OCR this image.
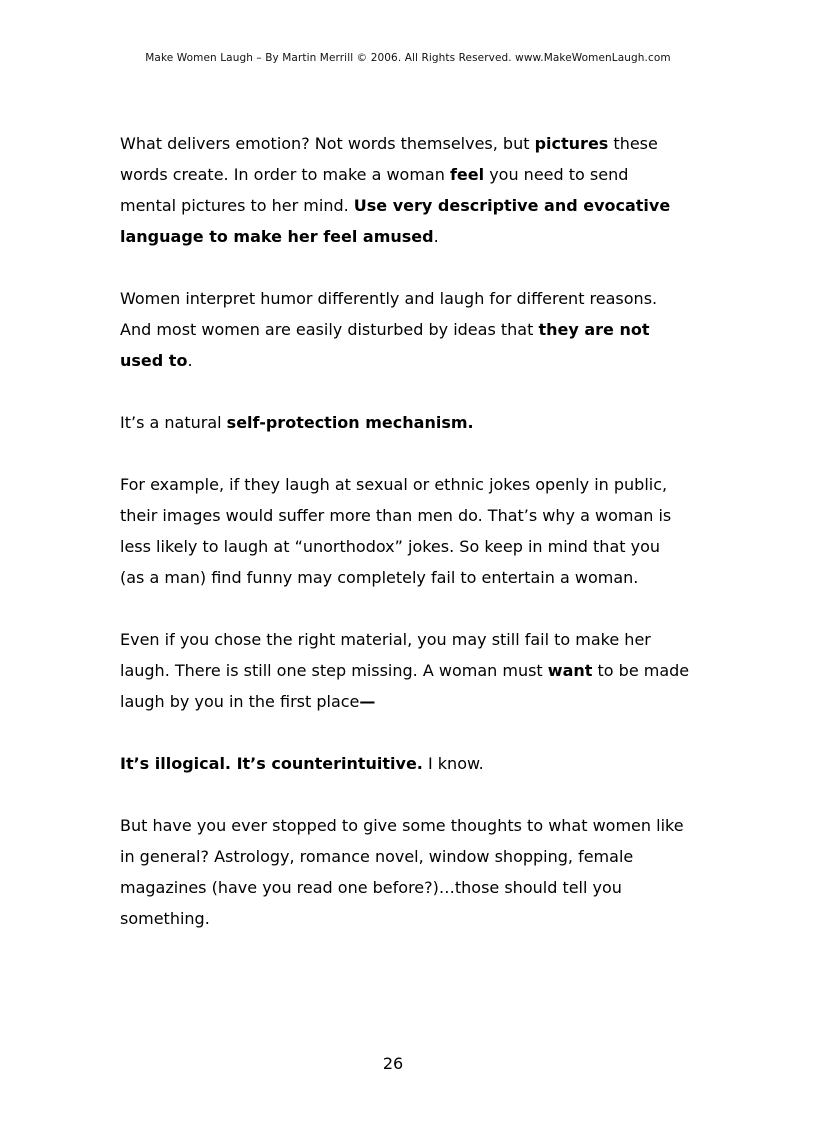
Make Women Laugh – By Martin Merrill © 2006. All Rights Reserved. www.MakeWomenLaugh.com

What delivers emotion? Not words themselves, but pictures these
words create. In order to make a woman feel you need to send
mental pictures to her mind. Use very descriptive and evocative
language to make her feel amused.

Women interpret humor differently and laugh for different reasons.
And most women are easily disturbed by ideas that they are not
used to.

It’s a natural self-protection mechanism.

For example, if they laugh at sexual or ethnic jokes openly in public,
their images would suffer more than men do. That’s why a woman is
less likely to laugh at “unorthodox” jokes. So keep in mind that you
(as a man) find funny may completely fail to entertain a woman.

Even if you chose the right material, you may still fail to make her
laugh. There is still one step missing. A woman must want to be made
laugh by you in the first place—

It’s illogical. It’s counterintuitive. I know.

But have you ever stopped to give some thoughts to what women like
in general? Astrology, romance novel, window shopping, female
magazines (have you read one before?)…those should tell you
something.

26
